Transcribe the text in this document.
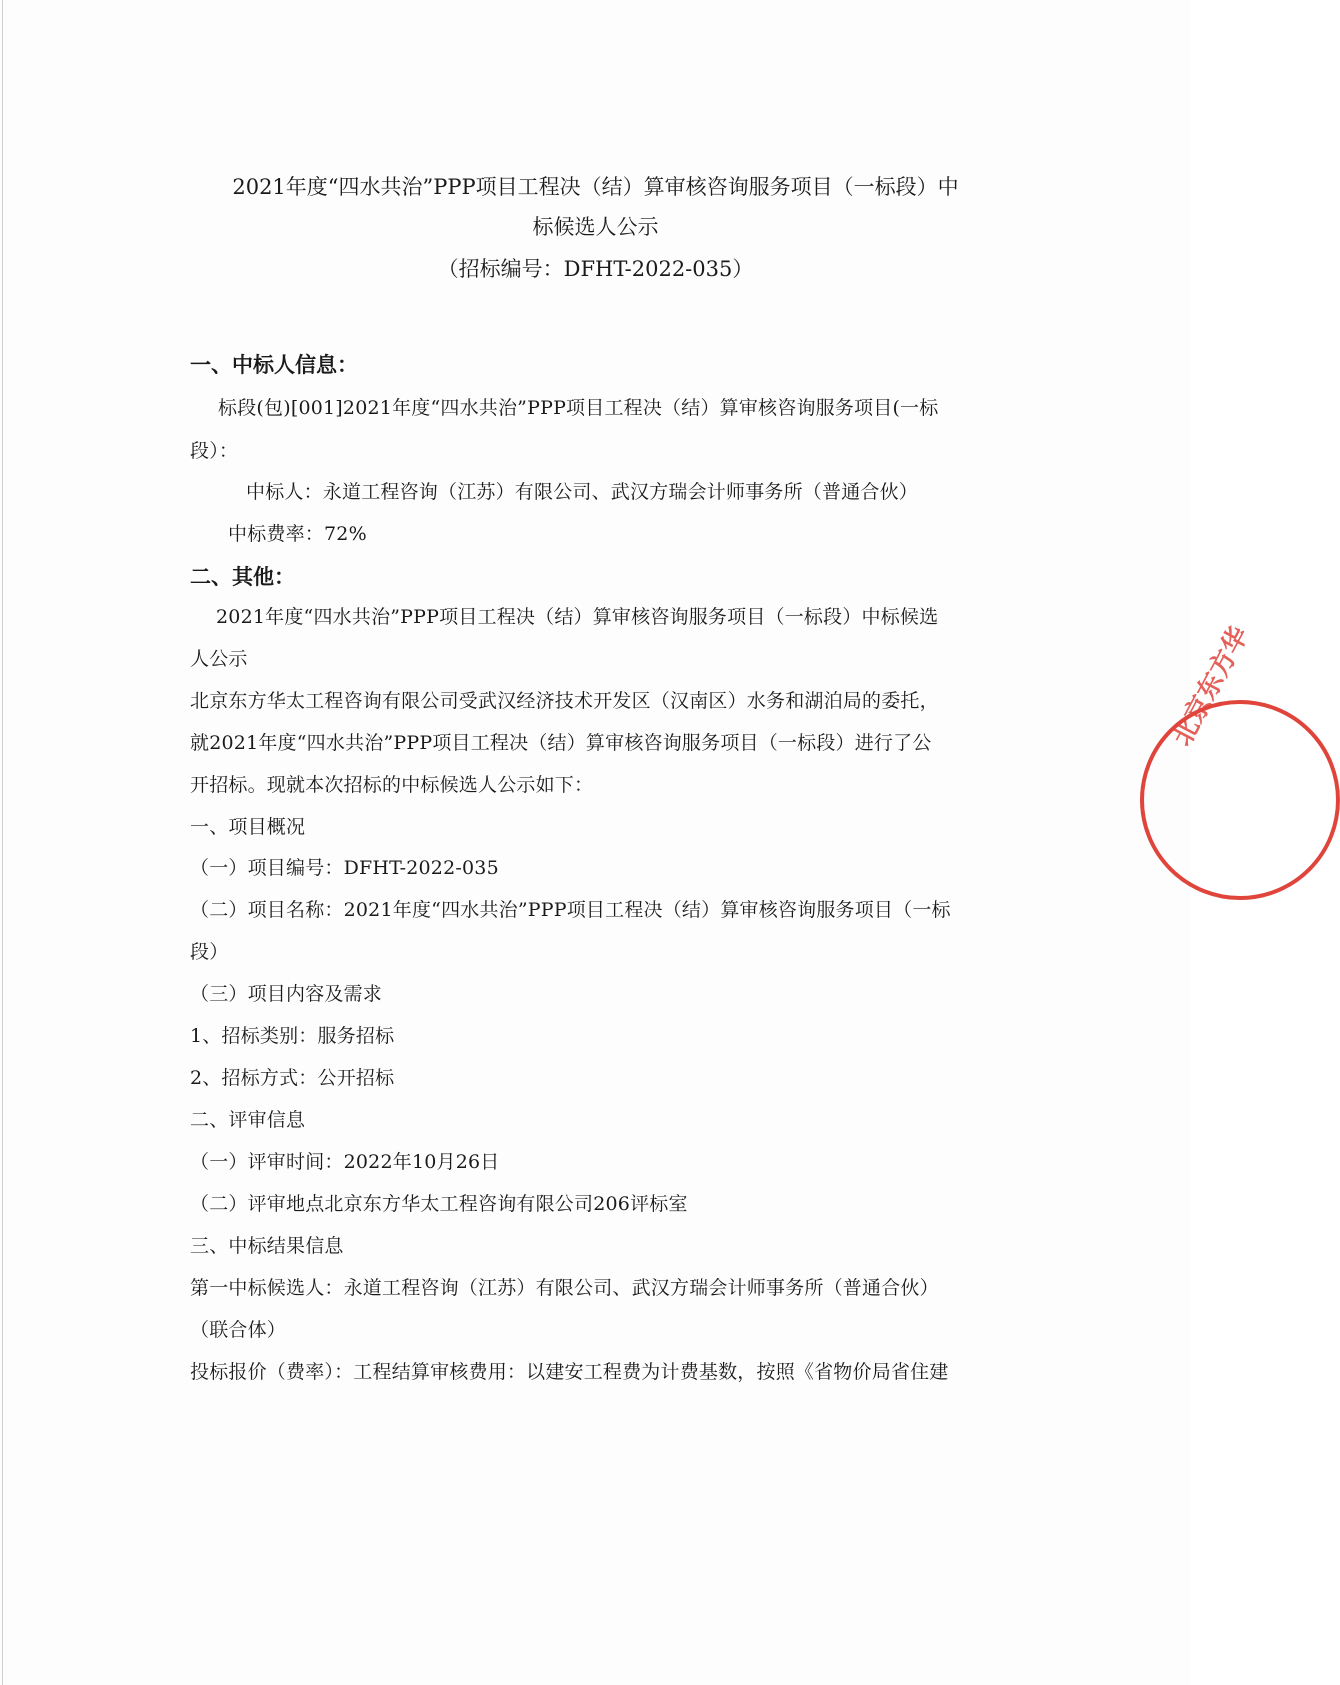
2021年度“四水共治”PPP项目工程决（结）算审核咨询服务项目（一标段）中
标候选人公示
（招标编号：DFHT-2022-035）
一、中标人信息：
标段(包)[001]2021年度“四水共治”PPP项目工程决（结）算审核咨询服务项目(一标
段）：
中标人：永道工程咨询（江苏）有限公司、武汉方瑞会计师事务所（普通合伙）
中标费率：72%
二、其他：
2021年度“四水共治”PPP项目工程决（结）算审核咨询服务项目（一标段）中标候选
人公示
北京东方华太工程咨询有限公司受武汉经济技术开发区（汉南区）水务和湖泊局的委托，
就2021年度“四水共治”PPP项目工程决（结）算审核咨询服务项目（一标段）进行了公
开招标。现就本次招标的中标候选人公示如下：
一、项目概况
（一）项目编号：DFHT-2022-035
（二）项目名称：2021年度“四水共治”PPP项目工程决（结）算审核咨询服务项目（一标
段）
（三）项目内容及需求
1、招标类别：服务招标
2、招标方式：公开招标
二、评审信息
（一）评审时间：2022年10月26日
（二）评审地点北京东方华太工程咨询有限公司206评标室
三、中标结果信息
第一中标候选人：永道工程咨询（江苏）有限公司、武汉方瑞会计师事务所（普通合伙）
（联合体）
投标报价（费率）：工程结算审核费用：以建安工程费为计费基数，按照《省物价局省住建
北京东方华
